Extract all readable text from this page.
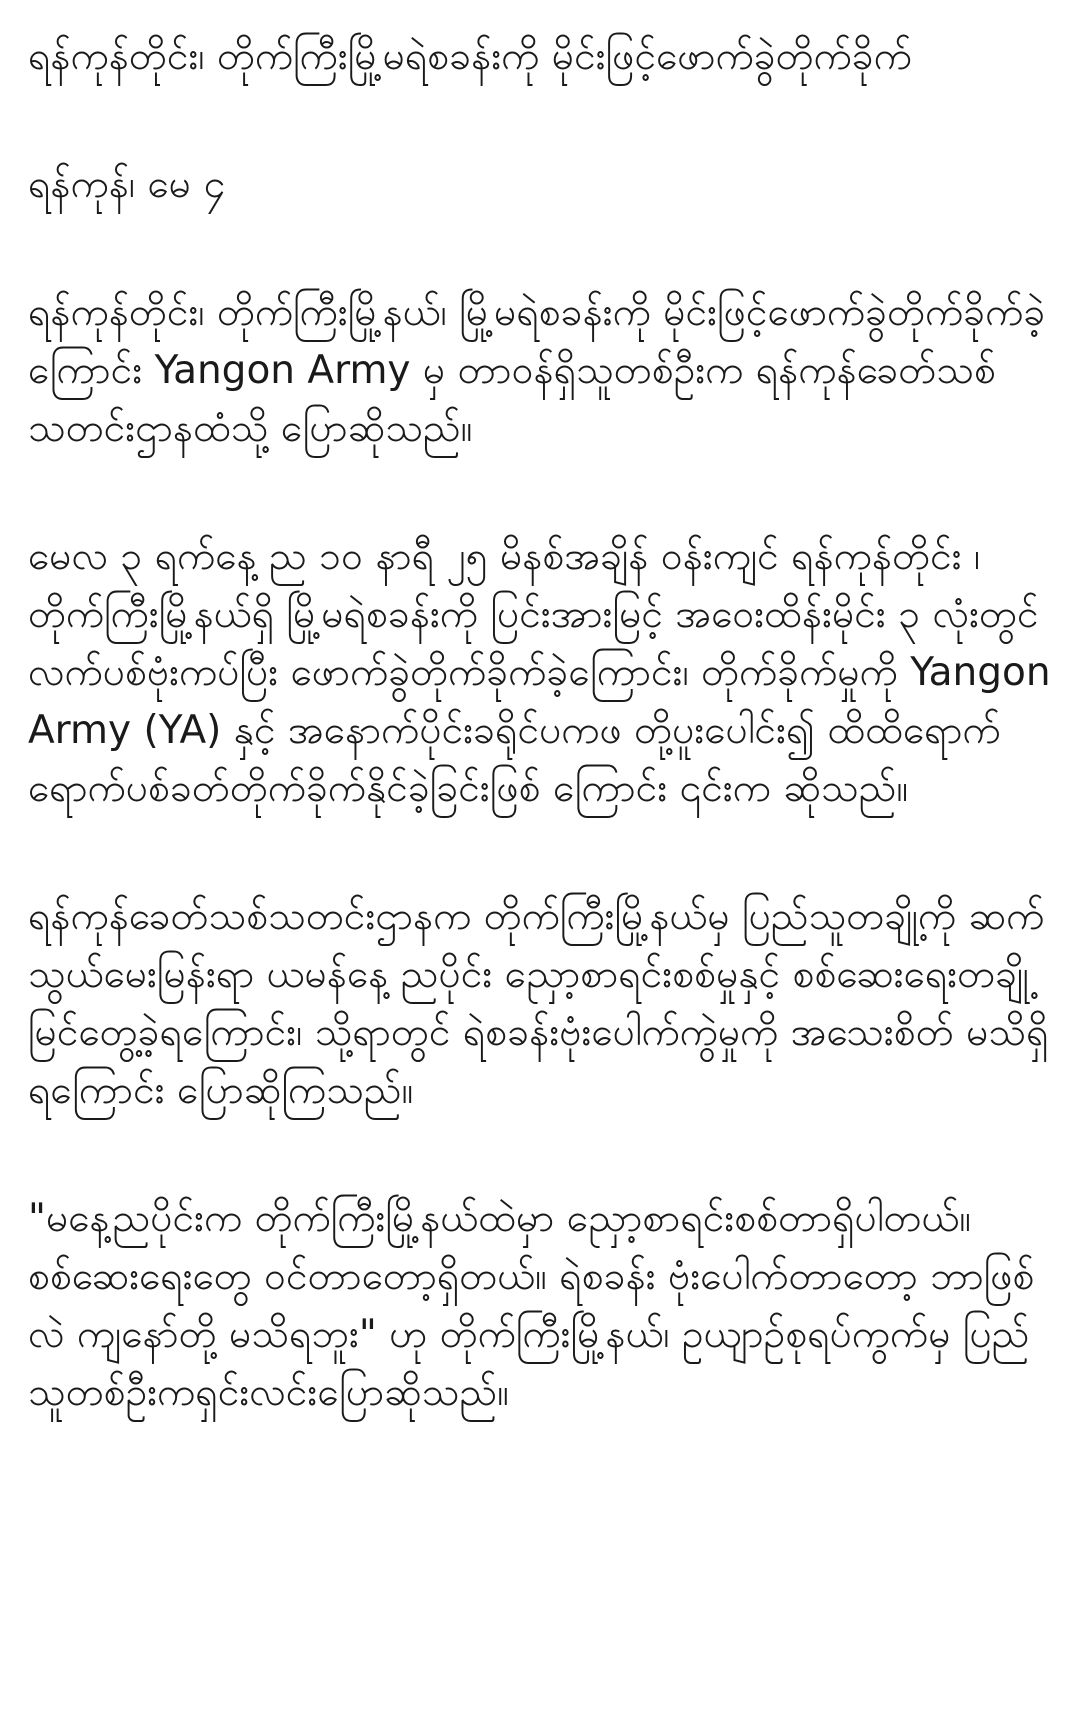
ရန်ကုန်တိုင်း၊ တိုက်ကြီးမြို့မရဲစခန်းကို မိုင်းဖြင့်ဖောက်ခွဲတိုက်ခိုက်

ရန်ကုန်၊ မေ ၄

ရန်ကုန်တိုင်း၊ တိုက်ကြီးမြို့နယ်၊ မြို့မရဲစခန်းကို မိုင်းဖြင့်ဖောက်ခွဲတိုက်ခိုက်ခဲ့ကြောင်း Yangon Army မှ တာဝန်ရှိသူတစ်ဦးက ရန်ကုန်ခေတ်သစ်သတင်းဌာနထံသို့ ပြောဆိုသည်။

မေလ ၃ ရက်နေ့ ည ၁၀ နာရီ ၂၅ မိနစ်အချိန် ဝန်းကျင် ရန်ကုန်တိုင်း ၊ တိုက်ကြီးမြို့နယ်ရှိ မြို့မရဲစခန်းကို ပြင်းအားမြင့် အဝေးထိန်းမိုင်း ၃ လုံးတွင်လက်ပစ်ဗုံးကပ်ပြီး ဖောက်ခွဲတိုက်ခိုက်ခဲ့ကြောင်း၊ တိုက်ခိုက်မှုကို Yangon Army (YA) နှင့် အနောက်ပိုင်းခရိုင်ပကဖ တို့ပူးပေါင်း၍ ထိထိရောက်ရောက်ပစ်ခတ်တိုက်ခိုက်နိုင်ခဲ့ခြင်းဖြစ် ကြောင်း ၎င်းက ဆိုသည်။

ရန်ကုန်ခေတ်သစ်သတင်းဌာနက တိုက်ကြီးမြို့နယ်မှ ပြည်သူတချို့ကို ဆက်သွယ်မေးမြန်းရာ ယမန်နေ့ ညပိုင်း ညှော့စာရင်းစစ်မှုနှင့် စစ်ဆေးရေးတချို့ မြင်တွေ့ခဲ့ရကြောင်း၊ သို့ရာတွင် ရဲစခန်းဗုံးပေါက်ကွဲမှုကို အသေးစိတ် မသိရှိရကြောင်း ပြောဆိုကြသည်။

"မနေ့ညပိုင်းက တိုက်ကြီးမြို့နယ်ထဲမှာ ညှော့စာရင်းစစ်တာရှိပါတယ်။ စစ်ဆေးရေးတွေ ဝင်တာတော့ရှိတယ်။ ရဲစခန်း ဗုံးပေါက်တာတော့ ဘာဖြစ်လဲ ကျနော်တို့ မသိရဘူး" ဟု တိုက်ကြီးမြို့နယ်၊ ဥယျာဉ်စုရပ်ကွက်မှ ပြည်သူတစ်ဦးကရှင်းလင်းပြောဆိုသည်။
